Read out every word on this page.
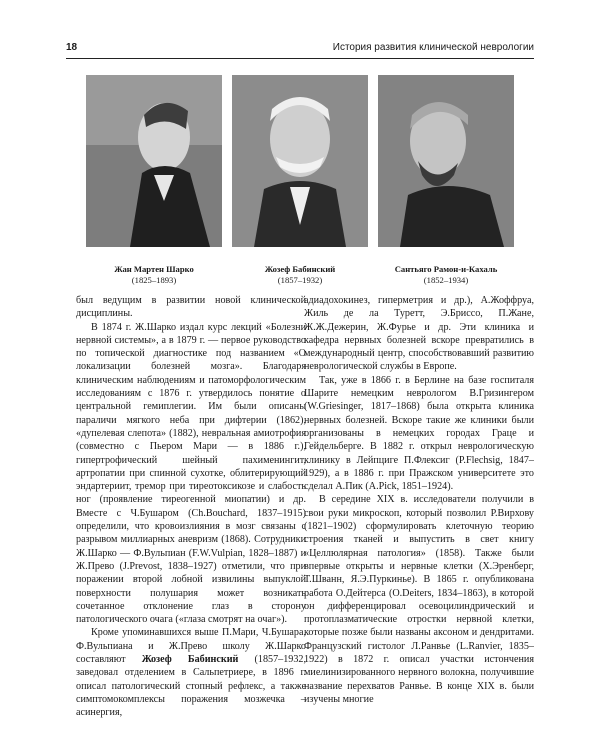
18	История развития клинической неврологии
Жан Мартен Шарко
(1825–1893)
Жозеф Бабинский
(1857–1932)
Сантьяго Рамон-и-Кахаль
(1852–1934)

был ведущим в развитии новой клинической дисциплины.

В 1874 г. Ж.Шарко издал курс лекций «Болезни нервной системы», а в 1879 г. — первое руководство по топической диагностике под названием «О локализации болезней мозга». Благодаря клиническим наблюдениям и патоморфологическим исследованиям с 1876 г. утвердилось понятие о центральной гемиплегии. Им были описаны параличи мягкого неба при дифтерии (1862), «дупелевая слепота» (1882), невральная амиотрофия (совместно с Пьером Мари — в 1886 г.), гипертрофический шейный пахименингит, артропатии при спинной сухотке, облитерирующий эндартериит, тремор при тиреотоксикозе и слабость ног (проявление тиреогенной миопатии) и др. Вместе с Ч.Бушаром (Ch.Bouchard, 1837–1915) определили, что кровоизлияния в мозг связаны с разрывом миллиарных аневризм (1868). Сотрудники Ж.Шарко — Ф.Вульпиан (F.W.Vulpian, 1828–1887) и Ж.Прево (J.Prevost, 1838–1927) отметили, что при поражении второй лобной извилины выпуклой поверхности полушария может возникать сочетанное отклонение глаз в сторону патологического очага («глаза смотрят на очаг»).

Кроме упоминавшихся выше П.Мари, Ч.Бушара, Ф.Вульпиана и Ж.Прево школу Ж.Шарко составляют Жозеф Бабинский (1857–1932, заведовал отделением в Сальпетриере, в 1896 г. описал патологический стопный рефлекс, а также симптомокомплексы поражения мозжечка – асинергия,

адиадохокинез, гиперметрия и др.), А.Жоффруа, Жиль де ла Туретт, Э.Бриссо, П.Жане, Ж.Ж.Дежерин, Ж.Фурье и др. Эти клиника и кафедра нервных болезней вскоре превратились в международный центр, способствовавший развитию неврологической службы в Европе.

Так, уже в 1866 г. в Берлине на базе госпиталя Шарите немецким неврологом В.Гризингером (W.Griesinger, 1817–1868) была открыта клиника нервных болезней. Вскоре такие же клиники были организованы в немецких городах Граце и Гейдельберге. В 1882 г. открыл неврологическую клинику в Лейпциге П.Флексиг (P.Flechsig, 1847–1929), а в 1886 г. при Пражском университете это сделал А.Пик (A.Pick, 1851–1924).

В середине XIX в. исследователи получили в свои руки микроскоп, который позволил Р.Вирхову (1821–1902) сформулировать клеточную теорию строения тканей и выпустить в свет книгу «Целлюлярная патология» (1858). Также были впервые открыты и нервные клетки (Х.Эренберг, Т.Шванн, Я.Э.Пуркинье). В 1865 г. опубликована работа О.Дейтерса (O.Deiters, 1834–1863), в которой он дифференцировал осевоцилиндрический и протоплазматические отростки нервной клетки, которые позже были названы аксоном и дендритами. Французский гистолог Л.Ранвье (L.Ranvier, 1835–1922) в 1872 г. описал участки истончения миелинизированного нервного волокна, получившие название перехватов Ранвье. В конце XIX в. были изучены многие
